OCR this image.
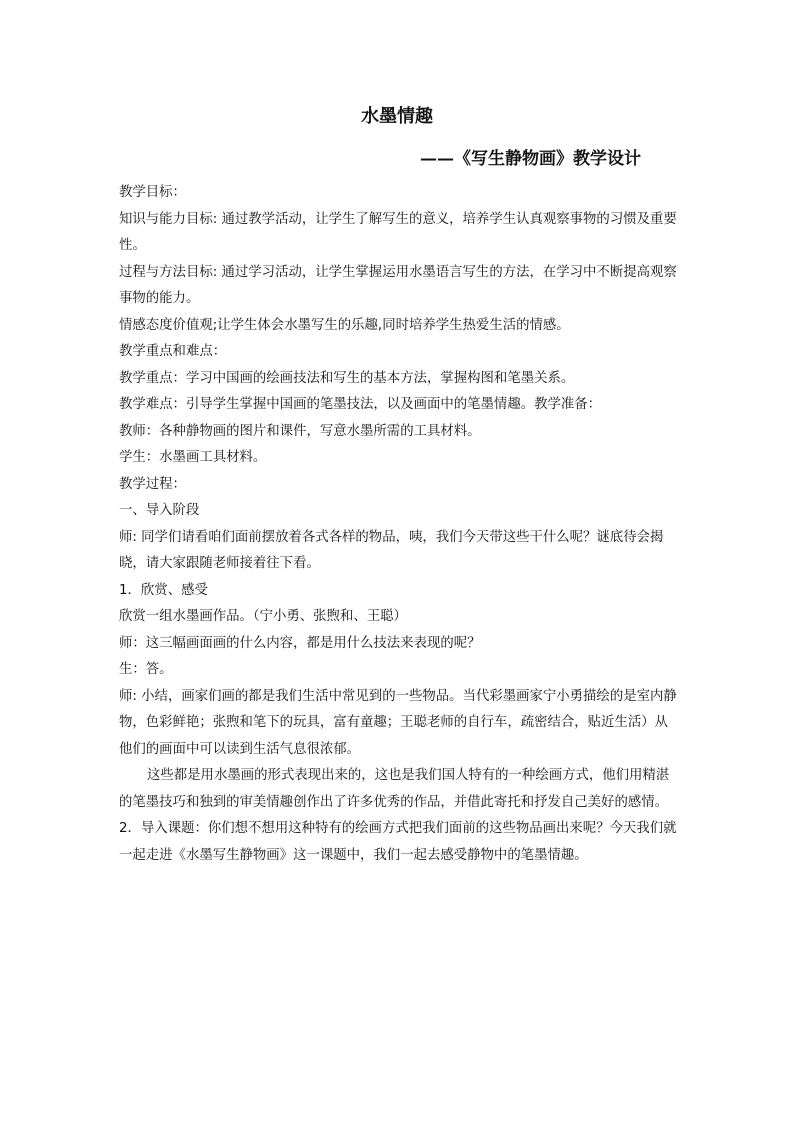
水墨情趣
——《写生静物画》教学设计

教学目标：

知识与能力目标: 通过教学活动，让学生了解写生的意义，培养学生认真观察事物的习惯及重要性。

过程与方法目标: 通过学习活动，让学生掌握运用水墨语言写生的方法，在学习中不断提高观察事物的能力。

情感态度价值观;让学生体会水墨写生的乐趣,同时培养学生热爱生活的情感。

教学重点和难点：

教学重点：学习中国画的绘画技法和写生的基本方法，掌握构图和笔墨关系。

教学难点：引导学生掌握中国画的笔墨技法，以及画面中的笔墨情趣。教学准备：

教师：各种静物画的图片和课件，写意水墨所需的工具材料。

学生：水墨画工具材料。

教学过程：

一、导入阶段

师: 同学们请看咱们面前摆放着各式各样的物品，咦，我们今天带这些干什么呢？谜底待会揭晓，请大家跟随老师接着往下看。

1．欣赏、感受

欣赏一组水墨画作品。（宁小勇、张煦和、王聪）

师：这三幅画面画的什么内容，都是用什么技法来表现的呢？

生：答。

师: 小结，画家们画的都是我们生活中常见到的一些物品。当代彩墨画家宁小勇描绘的是室内静物，色彩鲜艳；张煦和笔下的玩具，富有童趣；王聪老师的自行车，疏密结合，贴近生活）从他们的画面中可以读到生活气息很浓郁。

这些都是用水墨画的形式表现出来的，这也是我们国人特有的一种绘画方式，他们用精湛的笔墨技巧和独到的审美情趣创作出了许多优秀的作品，并借此寄托和抒发自己美好的感情。

2．导入课题：你们想不想用这种特有的绘画方式把我们面前的这些物品画出来呢？今天我们就一起走进《水墨写生静物画》这一课题中，我们一起去感受静物中的笔墨情趣。
